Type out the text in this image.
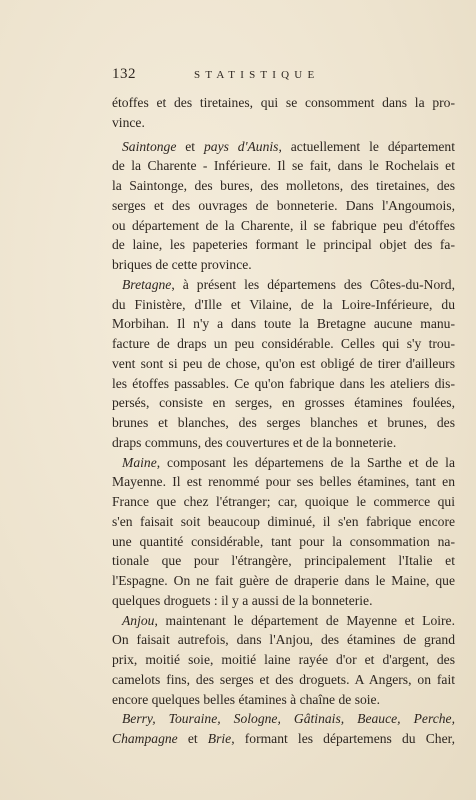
132	STATISTIQUE
étoffes et des tiretaines, qui se consomment dans la pro-
vince.
Saintonge et pays d'Aunis, actuellement le département
de la Charente - Inférieure. Il se fait, dans le Rochelais et
la Saintonge, des bures, des molletons, des tiretaines, des
serges et des ouvrages de bonneterie. Dans l'Angoumois,
ou département de la Charente, il se fabrique peu d'étoffes
de laine, les papeteries formant le principal objet des fa-
briques de cette province.
Bretagne, à présent les départemens des Côtes-du-Nord,
du Finistère, d'Ille et Vilaine, de la Loire-Inférieure, du
Morbihan. Il n'y a dans toute la Bretagne aucune manu-
facture de draps un peu considérable. Celles qui s'y trou-
vent sont si peu de chose, qu'on est obligé de tirer d'ailleurs
les étoffes passables. Ce qu'on fabrique dans les ateliers dis-
persés, consiste en serges, en grosses étamines foulées,
brunes et blanches, des serges blanches et brunes, des
draps communs, des couvertures et de la bonneterie.
Maine, composant les départemens de la Sarthe et de la
Mayenne. Il est renommé pour ses belles étamines, tant en
France que chez l'étranger; car, quoique le commerce qui
s'en faisait soit beaucoup diminué, il s'en fabrique encore
une quantité considérable, tant pour la consommation na-
tionale que pour l'étrangère, principalement l'Italie et
l'Espagne. On ne fait guère de draperie dans le Maine, que
quelques droguets : il y a aussi de la bonneterie.
Anjou, maintenant le département de Mayenne et Loire.
On faisait autrefois, dans l'Anjou, des étamines de grand
prix, moitié soie, moitié laine rayée d'or et d'argent, des
camelots fins, des serges et des droguets. A Angers, on fait
encore quelques belles étamines à chaîne de soie.
Berry, Touraine, Sologne, Gâtinais, Beauce, Perche,
Champagne et Brie, formant les départemens du Cher,
